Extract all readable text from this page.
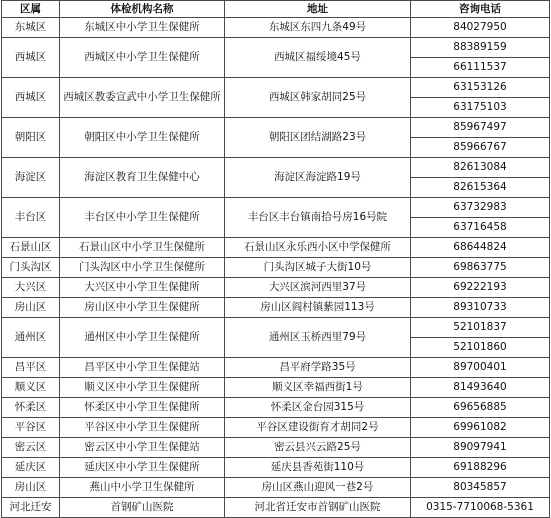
区属	体检机构名称	地址	咨询电话
东城区	东城区中小学卫生保健所	东城区东四九条49号	84027950

西城区	西城区中小学卫生保健所	西城区福绥境45号	88389159
66111537

西城区	西城区教委宣武中小学卫生保健所	西城区韩家胡同25号	63153126
63175103

朝阳区	朝阳区中小学卫生保健所	朝阳区团结湖路23号	85967497
85966767

海淀区	海淀区教育卫生保健中心	海淀区海淀路19号	82613084
82615364

丰台区	丰台区中小学卫生保健所	丰台区丰台镇南拾号房16号院	63732983
63716458

石景山区	石景山区中小学卫生保健所	石景山区永乐西小区中学保健所	68644824

门头沟区	门头沟区中小学卫生保健所	门头沟区城子大街10号	69863775

大兴区	大兴区中小学卫生保健所	大兴区滨河西里37号	69222193

房山区	房山区中小学卫生保健所	房山区阎村镇紫园113号	89310733

通州区	通州区中小学卫生保健所	通州区玉桥西里79号	52101837
52101860

昌平区	昌平区中小学卫生保健站	昌平府学路35号	89700401

顺义区	顺义区中小学卫生保健所	顺义区幸福西街1号	81493640

怀柔区	怀柔区中小学卫生保健所	怀柔区金台园315号	69656885

平谷区	平谷区中小学卫生保健所	平谷区建设街育才胡同2号	69961082

密云区	密云区中小学卫生保健站	密云县兴云路25号	89097941

延庆区	延庆区中小学卫生保健所	延庆县香苑街110号	69188296

房山区	燕山中小学卫生保健所	房山区燕山迎风一巷2号	80345857

河北迁安	首钢矿山医院	河北省迁安市首钢矿山医院	0315-7710068-5361
